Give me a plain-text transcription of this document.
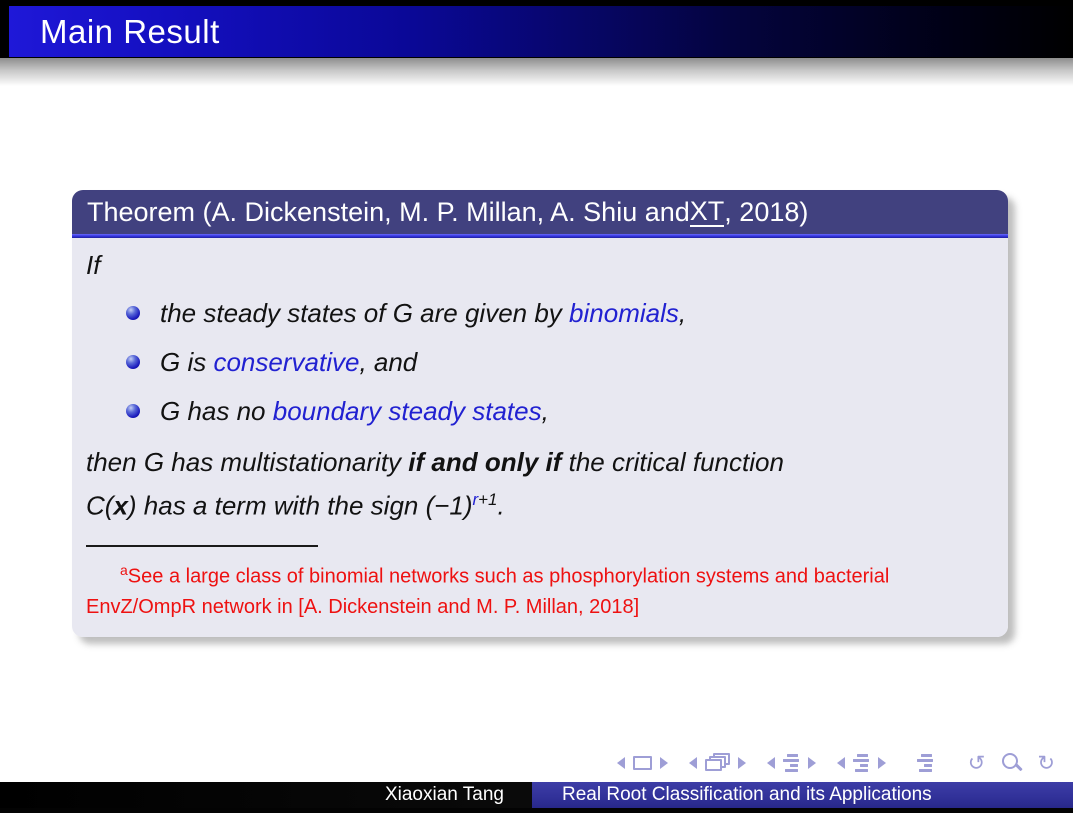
Main Result
Theorem (A. Dickenstein, M. P. Millan, A. Shiu and XT , 2018)
If
the steady states of G are given by binomials,
G is conservative, and
G has no boundary steady states,
then G has multistationarity if and only if the critical function
C(x) has a term with the sign $(-1)^{r+1}$.

$^a$See a large class of binomial networks such as phosphorylation systems and bacterial EnvZ/OmpR network in [A. Dickenstein and M. P. Millan, 2018]

↺ ↻
Xiaoxian Tang	Real Root Classification and its Applications
